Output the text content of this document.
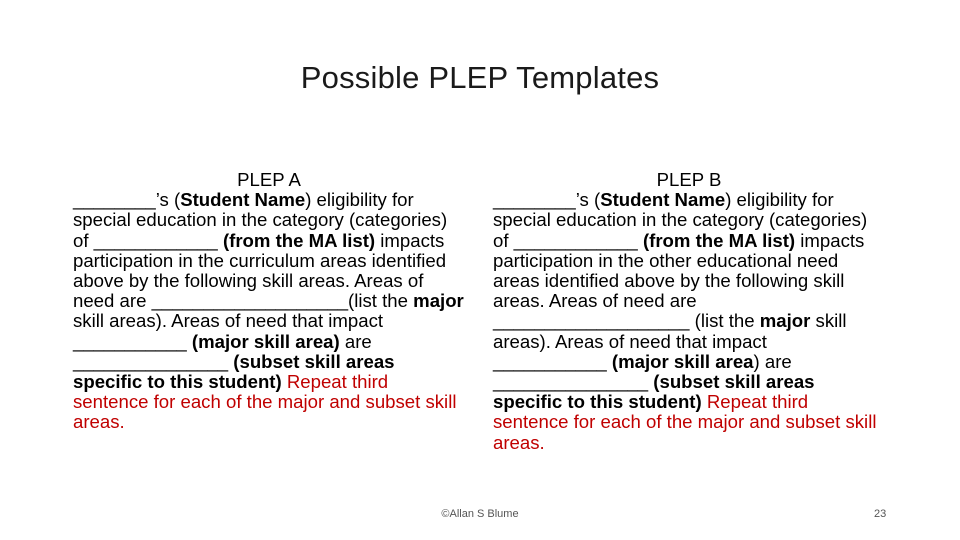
Possible PLEP Templates
PLEP A

________’s (Student Name) eligibility for special education in the category (categories) of ____________ (from the MA list) impacts participation in the curriculum areas identified above by the following skill areas. Areas of need are ___________________(list the major skill areas). Areas of need that impact ___________ (major skill area) are _______________ (subset skill areas specific to this student) Repeat third sentence for each of the major and subset skill areas.

PLEP B

________’s (Student Name) eligibility for special education in the category (categories) of ____________ (from the MA list) impacts participation in the other educational need areas identified above by the following skill areas. Areas of need are ___________________ (list the major skill areas). Areas of need that impact ___________ (major skill area) are _______________ (subset skill areas specific to this student) Repeat third sentence for each of the major and subset skill areas.

©Allan S Blume	23
